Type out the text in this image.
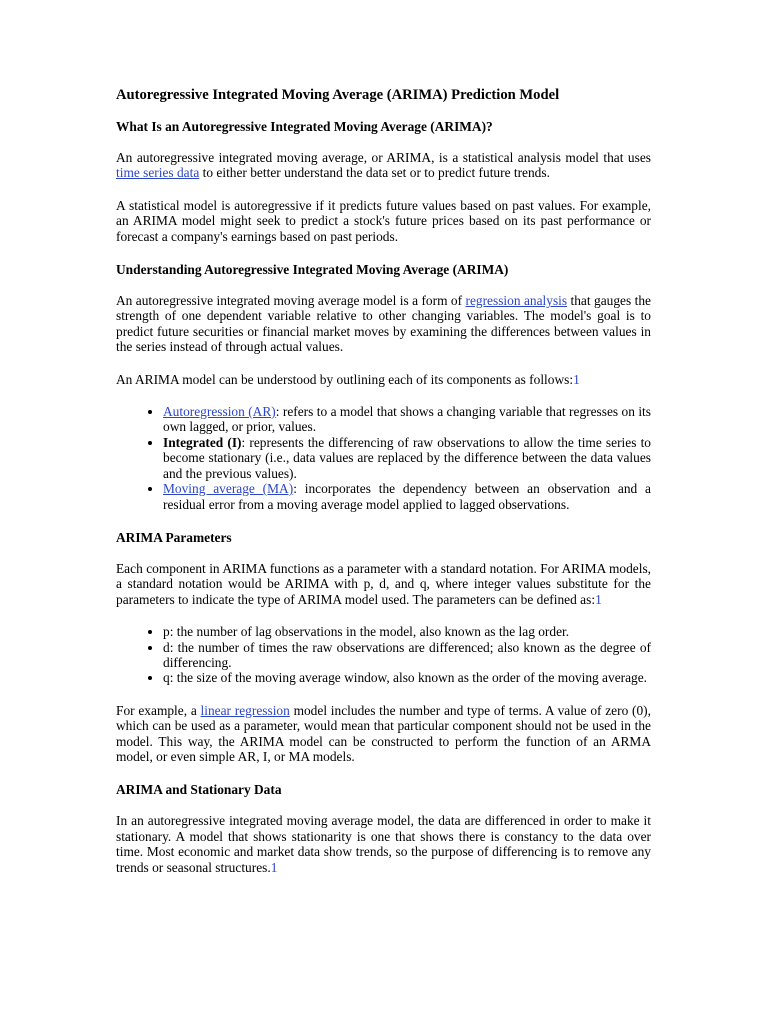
Autoregressive Integrated Moving Average (ARIMA) Prediction Model
What Is an Autoregressive Integrated Moving Average (ARIMA)?

An autoregressive integrated moving average, or ARIMA, is a statistical analysis model that uses time series data to either better understand the data set or to predict future trends.

A statistical model is autoregressive if it predicts future values based on past values. For example, an ARIMA model might seek to predict a stock's future prices based on its past performance or forecast a company's earnings based on past periods.

Understanding Autoregressive Integrated Moving Average (ARIMA)

An autoregressive integrated moving average model is a form of regression analysis that gauges the strength of one dependent variable relative to other changing variables. The model's goal is to predict future securities or financial market moves by examining the differences between values in the series instead of through actual values.

An ARIMA model can be understood by outlining each of its components as follows:1

• Autoregression (AR): refers to a model that shows a changing variable that regresses on its own lagged, or prior, values.
• Integrated (I): represents the differencing of raw observations to allow the time series to become stationary (i.e., data values are replaced by the difference between the data values and the previous values).
• Moving average (MA): incorporates the dependency between an observation and a residual error from a moving average model applied to lagged observations.
ARIMA Parameters

Each component in ARIMA functions as a parameter with a standard notation. For ARIMA models, a standard notation would be ARIMA with p, d, and q, where integer values substitute for the parameters to indicate the type of ARIMA model used. The parameters can be defined as:1

• p: the number of lag observations in the model, also known as the lag order.
• d: the number of times the raw observations are differenced; also known as the degree of differencing.
• q: the size of the moving average window, also known as the order of the moving average.

For example, a linear regression model includes the number and type of terms. A value of zero (0), which can be used as a parameter, would mean that particular component should not be used in the model. This way, the ARIMA model can be constructed to perform the function of an ARMA model, or even simple AR, I, or MA models.

ARIMA and Stationary Data

In an autoregressive integrated moving average model, the data are differenced in order to make it stationary. A model that shows stationarity is one that shows there is constancy to the data over time. Most economic and market data show trends, so the purpose of differencing is to remove any trends or seasonal structures.1
